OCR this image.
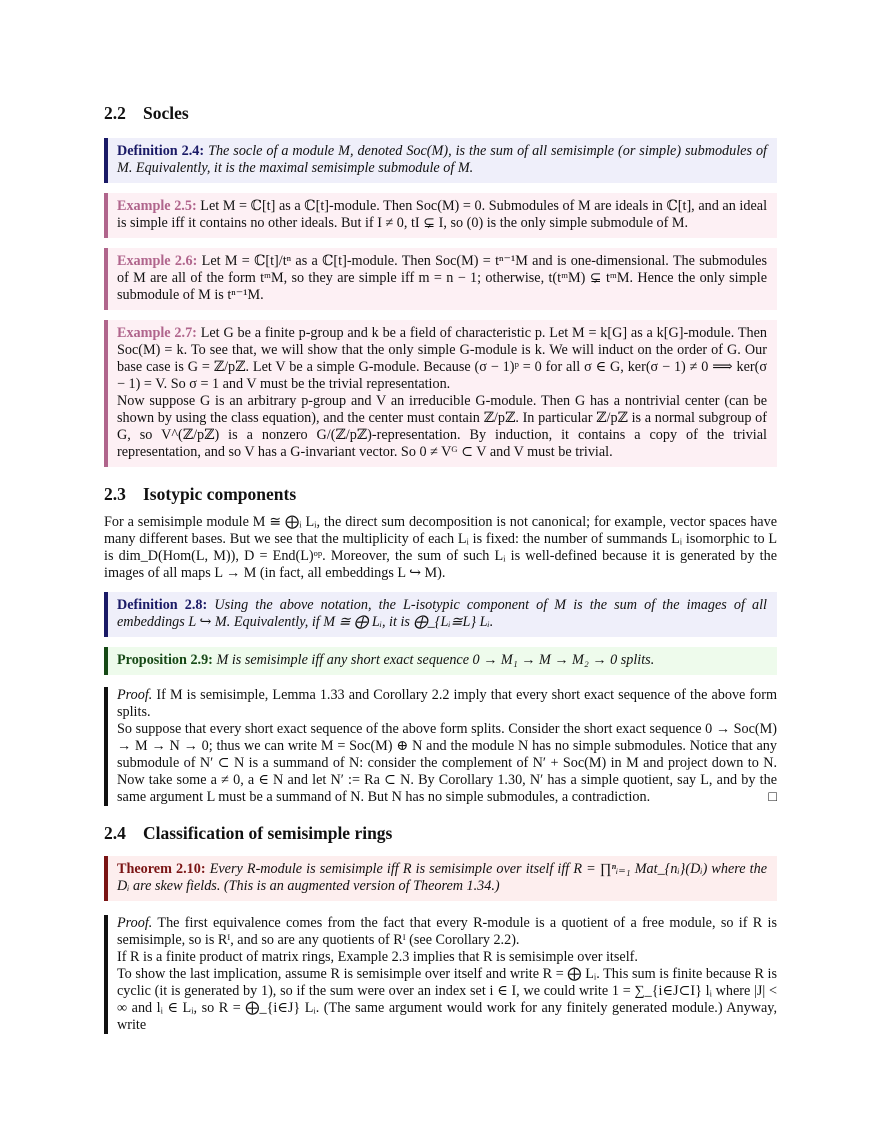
2.2 Socles
Definition 2.4: The socle of a module M, denoted Soc(M), is the sum of all semisimple (or simple) submodules of M. Equivalently, it is the maximal semisimple submodule of M.
Example 2.5: Let M = ℂ[t] as a ℂ[t]-module. Then Soc(M) = 0. Submodules of M are ideals in ℂ[t], and an ideal is simple iff it contains no other ideals. But if I ≠ 0, tI ⊊ I, so (0) is the only simple submodule of M.
Example 2.6: Let M = ℂ[t]/tⁿ as a ℂ[t]-module. Then Soc(M) = tⁿ⁻¹M and is one-dimensional. The submodules of M are all of the form tᵐM, so they are simple iff m = n − 1; otherwise, t(tᵐM) ⊊ tᵐM. Hence the only simple submodule of M is tⁿ⁻¹M.
Example 2.7: Let G be a finite p-group and k be a field of characteristic p. Let M = k[G] as a k[G]-module. Then Soc(M) = k. To see that, we will show that the only simple G-module is k. We will induct on the order of G. Our base case is G = ℤ/pℤ. Let V be a simple G-module. Because (σ − 1)ᵖ = 0 for all σ ∈ G, ker(σ − 1) ≠ 0 ⟹ ker(σ − 1) = V. So σ = 1 and V must be the trivial representation.
Now suppose G is an arbitrary p-group and V an irreducible G-module. Then G has a nontrivial center (can be shown by using the class equation), and the center must contain ℤ/pℤ. In particular ℤ/pℤ is a normal subgroup of G, so V^(ℤ/pℤ) is a nonzero G/(ℤ/pℤ)-representation. By induction, it contains a copy of the trivial representation, and so V has a G-invariant vector. So 0 ≠ Vᴳ ⊂ V and V must be trivial.
2.3 Isotypic components

For a semisimple module M ≅ ⨁ᵢ Lᵢ, the direct sum decomposition is not canonical; for example, vector spaces have many different bases. But we see that the multiplicity of each Lᵢ is fixed: the number of summands Lᵢ isomorphic to L is dim_D(Hom(L, M)), D = End(L)ᵒᵖ. Moreover, the sum of such Lᵢ is well-defined because it is generated by the images of all maps L → M (in fact, all embeddings L ↪ M).

Definition 2.8: Using the above notation, the L-isotypic component of M is the sum of the images of all embeddings L ↪ M. Equivalently, if M ≅ ⨁ Lᵢ, it is ⨁_{Lᵢ≅L} Lᵢ.
Proposition 2.9: M is semisimple iff any short exact sequence 0 → M₁ → M → M₂ → 0 splits.
Proof. If M is semisimple, Lemma 1.33 and Corollary 2.2 imply that every short exact sequence of the above form splits.
So suppose that every short exact sequence of the above form splits. Consider the short exact sequence 0 → Soc(M) → M → N → 0; thus we can write M = Soc(M) ⊕ N and the module N has no simple submodules. Notice that any submodule of N′ ⊂ N is a summand of N: consider the complement of N′ + Soc(M) in M and project down to N. Now take some a ≠ 0, a ∈ N and let N′ := Ra ⊂ N. By Corollary 1.30, N′ has a simple quotient, say L, and by the same argument L must be a summand of N. But N has no simple submodules, a contradiction.	□
2.4 Classification of semisimple rings
Theorem 2.10: Every R-module is semisimple iff R is semisimple over itself iff R = ∏ⁿᵢ₌₁ Mat_{nᵢ}(Dᵢ) where the Dᵢ are skew fields. (This is an augmented version of Theorem 1.34.)
Proof. The first equivalence comes from the fact that every R-module is a quotient of a free module, so if R is semisimple, so is Rᴵ, and so are any quotients of Rᴵ (see Corollary 2.2).
If R is a finite product of matrix rings, Example 2.3 implies that R is semisimple over itself.
To show the last implication, assume R is semisimple over itself and write R = ⨁ Lᵢ. This sum is finite because R is cyclic (it is generated by 1), so if the sum were over an index set i ∈ I, we could write 1 = ∑_{i∈J⊂I} lᵢ where |J| < ∞ and lᵢ ∈ Lᵢ, so R = ⨁_{i∈J} Lᵢ. (The same argument would work for any finitely generated module.) Anyway, write
